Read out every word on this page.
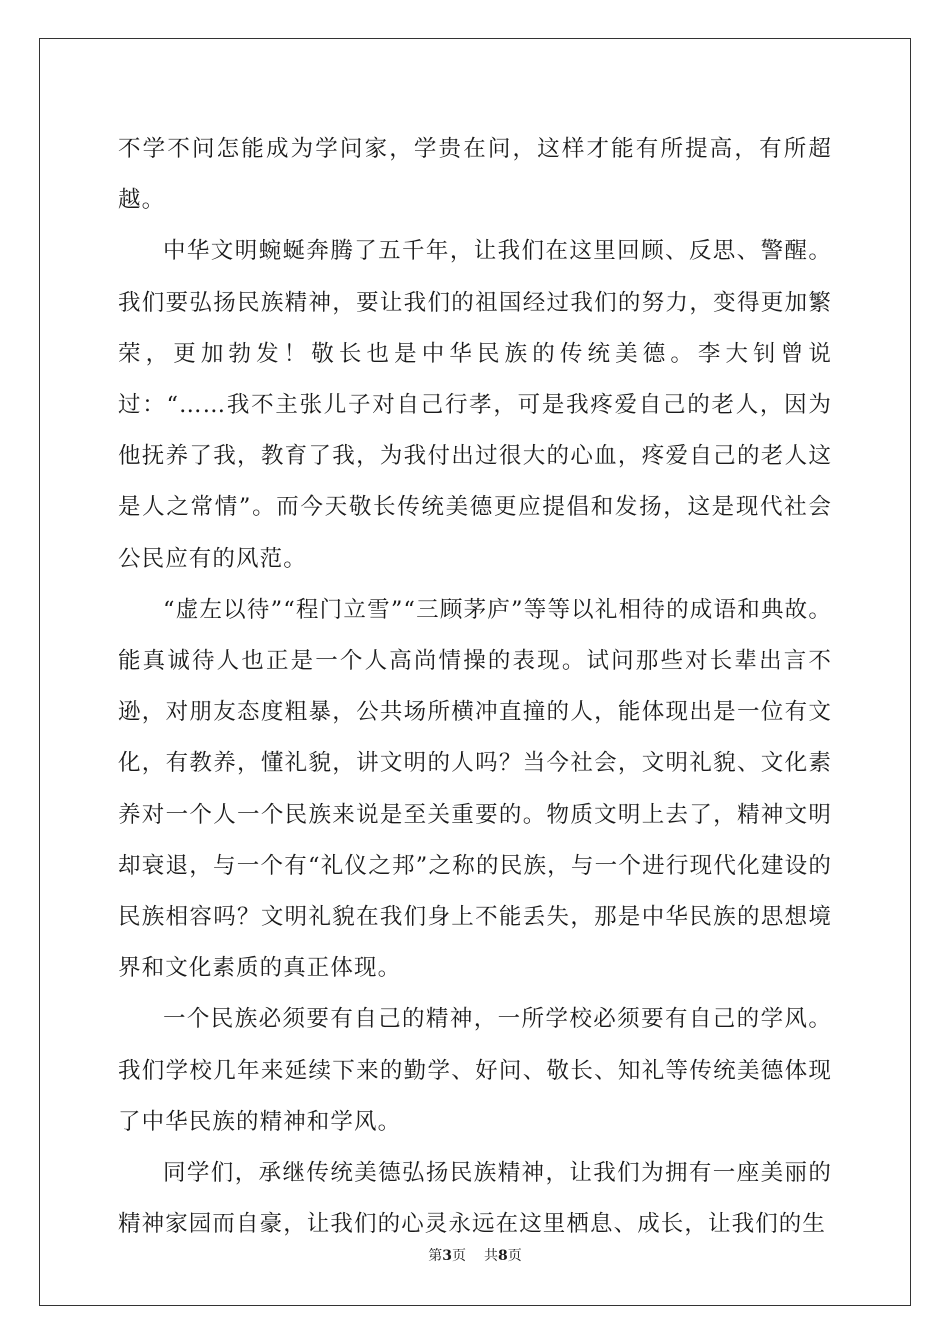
不学不问怎能成为学问家，学贵在问，这样才能有所提高，有所超越。

中华文明蜿蜒奔腾了五千年，让我们在这里回顾、反思、警醒。我们要弘扬民族精神，要让我们的祖国经过我们的努力，变得更加繁荣，更加勃发！敬长也是中华民族的传统美德。李大钊曾说过：“……我不主张儿子对自己行孝，可是我疼爱自己的老人，因为他抚养了我，教育了我，为我付出过很大的心血，疼爱自己的老人这是人之常情”。而今天敬长传统美德更应提倡和发扬，这是现代社会公民应有的风范。

“虚左以待”“程门立雪”“三顾茅庐”等等以礼相待的成语和典故。能真诚待人也正是一个人高尚情操的表现。试问那些对长辈出言不逊，对朋友态度粗暴，公共场所横冲直撞的人，能体现出是一位有文化，有教养，懂礼貌，讲文明的人吗？当今社会，文明礼貌、文化素养对一个人一个民族来说是至关重要的。物质文明上去了，精神文明却衰退，与一个有“礼仪之邦”之称的民族，与一个进行现代化建设的民族相容吗？文明礼貌在我们身上不能丢失，那是中华民族的思想境界和文化素质的真正体现。

一个民族必须要有自己的精神，一所学校必须要有自己的学风。我们学校几年来延续下来的勤学、好问、敬长、知礼等传统美德体现了中华民族的精神和学风。

同学们，承继传统美德弘扬民族精神，让我们为拥有一座美丽的精神家园而自豪，让我们的心灵永远在这里栖息、成长，让我们的生

第3页 共8页
